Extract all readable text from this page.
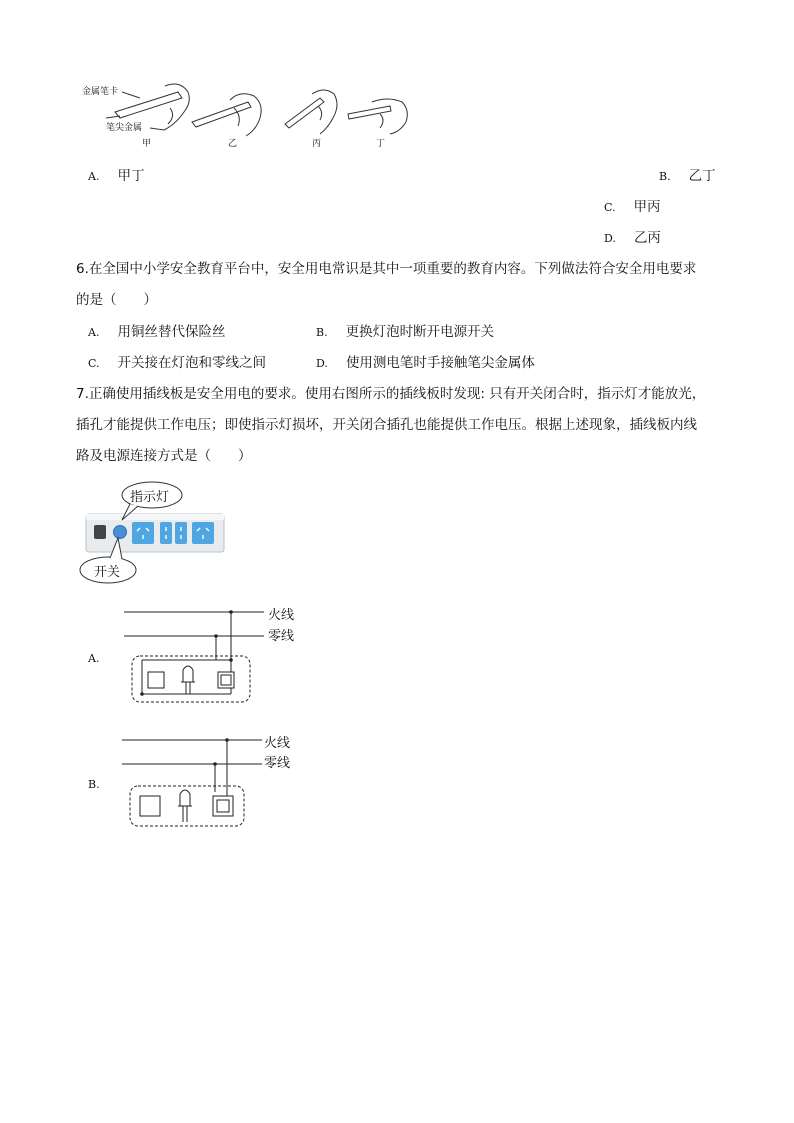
金属笔卡
笔尖金属
甲	乙	丙	丁
A. 甲丁	B. 乙丁
C. 甲丙
D. 乙丙
6.在全国中小学安全教育平台中，安全用电常识是其中一项重要的教育内容。下列做法符合安全用电要求
的是（　　）
A. 用铜丝替代保险丝	B. 更换灯泡时断开电源开关
C. 开关接在灯泡和零线之间	D. 使用测电笔时手接触笔尖金属体
7.正确使用插线板是安全用电的要求。使用右图所示的插线板时发现: 只有开关闭合时，指示灯才能放光，
插孔才能提供工作电压；即使指示灯损坏，开关闭合插孔也能提供工作电压。根据上述现象，插线板内线
路及电源连接方式是（　　）
指示灯
开关
A.
火线
零线
B.
火线
零线
